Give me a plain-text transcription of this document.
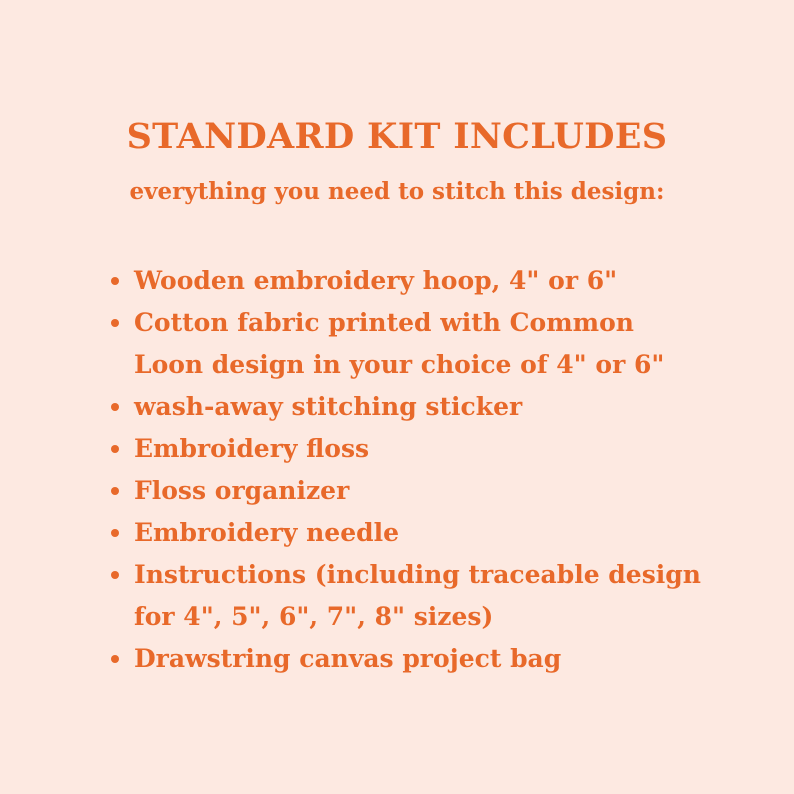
STANDARD KIT INCLUDES

everything you need to stitch this design:

Wooden embroidery hoop, 4" or 6"
Cotton fabric printed with Common
Loon design in your choice of 4" or 6"
wash-away stitching sticker
Embroidery floss
Floss organizer
Embroidery needle
Instructions (including traceable design
for 4", 5", 6", 7", 8" sizes)
Drawstring canvas project bag
